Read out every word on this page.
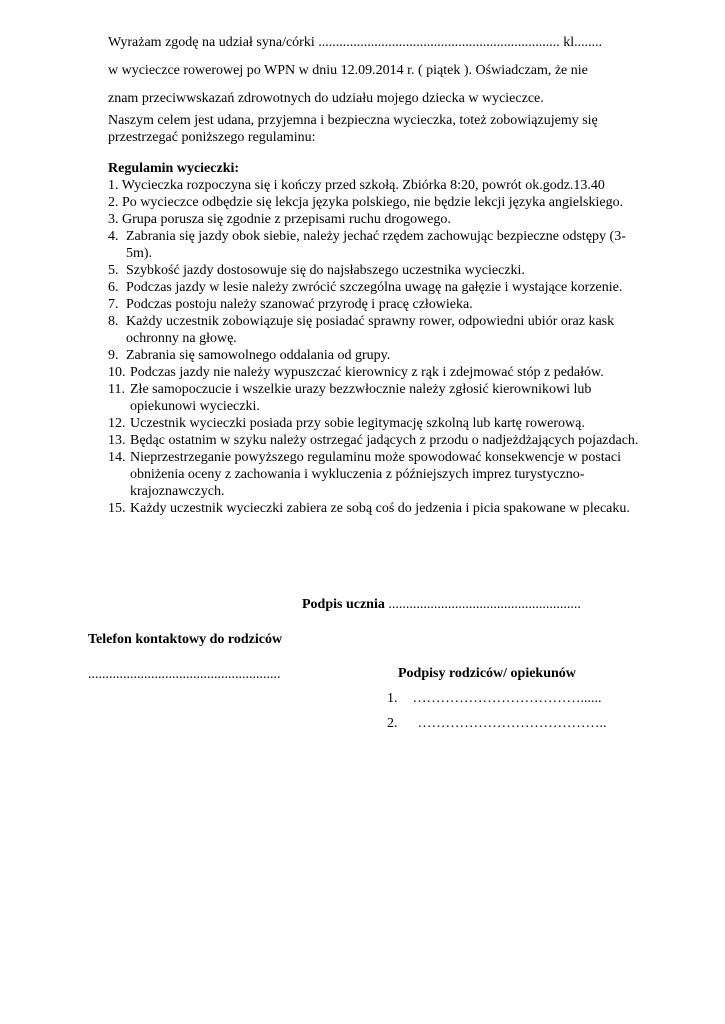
Wyrażam zgodę na udział syna/córki ..................................................................... kl........
w wycieczce rowerowej po WPN w dniu 12.09.2014 r. ( piątek ). Oświadczam, że nie
znam przeciwwskazań zdrowotnych do udziału mojego dziecka w wycieczce.
Naszym celem jest udana, przyjemna i bezpieczna wycieczka, toteż zobowiązujemy się
przestrzegać poniższego regulaminu:
Regulamin wycieczki:
1. Wycieczka rozpoczyna się i kończy przed szkołą. Zbiórka 8:20, powrót ok.godz.13.40
2. Po wycieczce odbędzie się lekcja języka polskiego, nie będzie lekcji języka angielskiego.
3. Grupa porusza się zgodnie z przepisami ruchu drogowego.
4. Zabrania się jazdy obok siebie, należy jechać rzędem zachowując bezpieczne odstępy (3-5m).
5. Szybkość jazdy dostosowuje się do najsłabszego uczestnika wycieczki.
6. Podczas jazdy w lesie należy zwrócić szczególna uwagę na gałęzie i wystające korzenie.
7. Podczas postoju należy szanować przyrodę i pracę człowieka.
8. Każdy uczestnik zobowiązuje się posiadać sprawny rower, odpowiedni ubiór oraz kask ochronny na głowę.
9. Zabrania się samowolnego oddalania od grupy.
10. Podczas jazdy nie należy wypuszczać kierownicy z rąk i zdejmować stóp z pedałów.
11. Złe samopoczucie i wszelkie urazy bezzwłocznie należy zgłosić kierownikowi lub opiekunowi wycieczki.
12. Uczestnik wycieczki posiada przy sobie legitymację szkolną lub kartę rowerową.
13. Będąc ostatnim w szyku należy ostrzegać jadących z przodu o nadjeżdżających pojazdach.
14. Nieprzestrzeganie powyższego regulaminu może spowodować konsekwencje w postaci obniżenia oceny z zachowania i wykluczenia z późniejszych imprez turystyczno-krajoznawczych.
15. Każdy uczestnik wycieczki zabiera ze sobą coś do jedzenia i picia spakowane w plecaku.
Podpis ucznia .......................................................
Telefon kontaktowy do rodziców
.......................................................	Podpisy rodziców/ opiekunów
1. ………………………………......
2. …………………………………..
